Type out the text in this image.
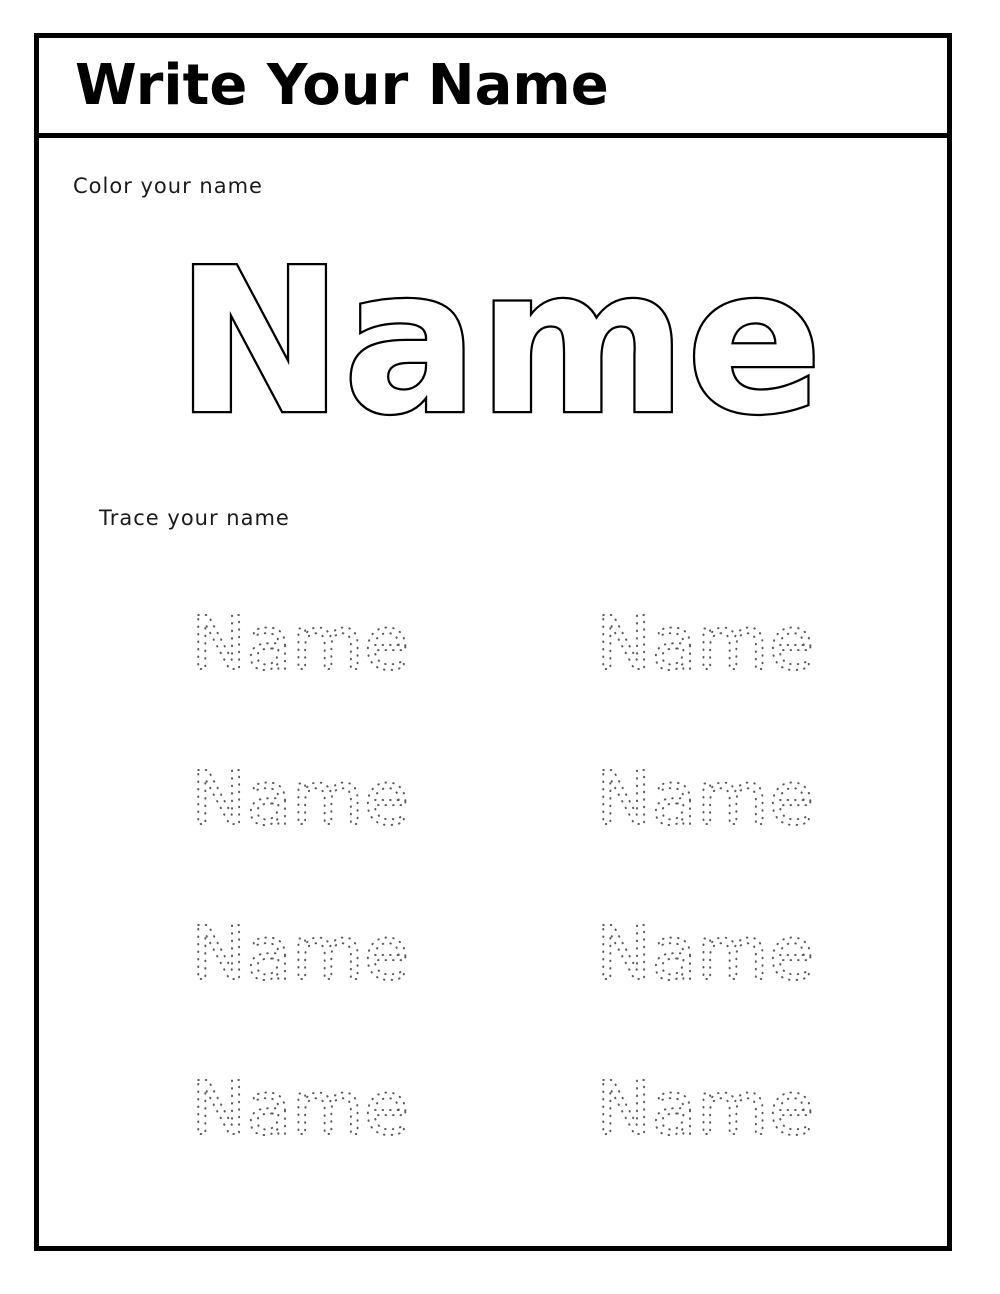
Write Your Name
Color your name
Name
Trace your name
Name	Name
Name	Name
Name	Name
Name	Name
